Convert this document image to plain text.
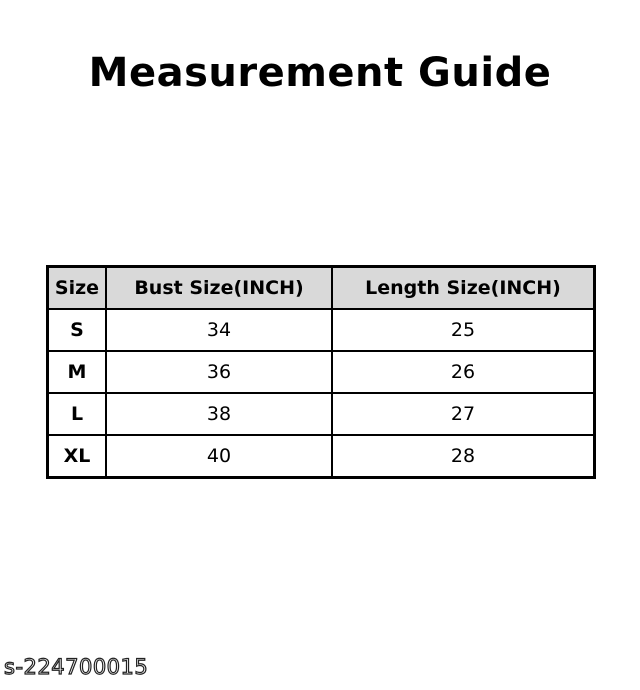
Measurement Guide
Size	Bust Size(INCH)	Length Size(INCH)
S	34	25
M	36	26
L	38	27
XL	40	28
s-224700015
